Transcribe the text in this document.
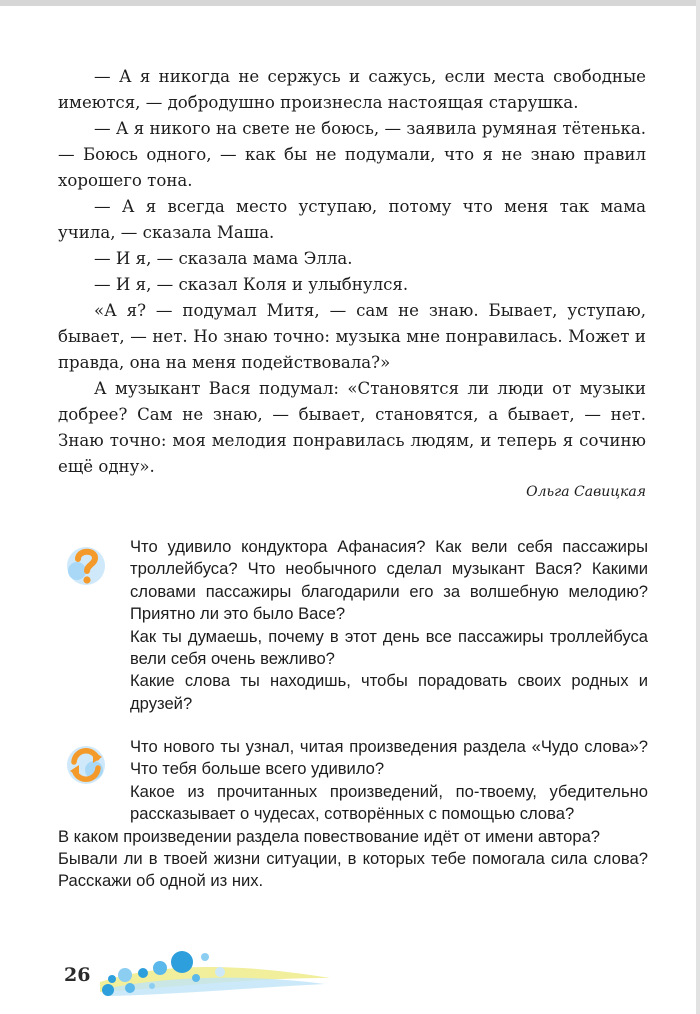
— А я никогда не сержусь и сажусь, если места свободные имеются, — добродушно произнесла настоящая старушка.

— А я никого на свете не боюсь, — заявила румяная тётенька. — Боюсь одного, — как бы не подумали, что я не знаю правил хорошего тона.

— А я всегда место уступаю, потому что меня так мама учила, — сказала Маша.

— И я, — сказала мама Элла.

— И я, — сказал Коля и улыбнулся.

«А я? — подумал Митя, — сам не знаю. Бывает, уступаю, бывает, — нет. Но знаю точно: музыка мне понравилась. Может и правда, она на меня подействовала?»

А музыкант Вася подумал: «Становятся ли люди от музыки добрее? Сам не знаю, — бывает, становятся, а бывает, — нет. Знаю точно: моя мелодия понравилась людям, и теперь я сочиню ещё одну».

Ольга Савицкая

Что удивило кондуктора Афанасия? Как вели себя пассажиры троллейбуса? Что необычного сделал музыкант Вася? Какими словами пассажиры благодарили его за волшебную мелодию? Приятно ли это было Васе?

Как ты думаешь, почему в этот день все пассажиры троллейбуса вели себя очень вежливо?

Какие слова ты находишь, чтобы порадовать своих родных и друзей?

Что нового ты узнал, читая произведения раздела «Чудо слова»? Что тебя больше всего удивило?

Какое из прочитанных произведений, по-твоему, убедительно рассказывает о чудесах, сотворённых с помощью слова?

В каком произведении раздела повествование идёт от имени автора?

Бывали ли в твоей жизни ситуации, в которых тебе помогала сила слова? Расскажи об одной из них.

26
